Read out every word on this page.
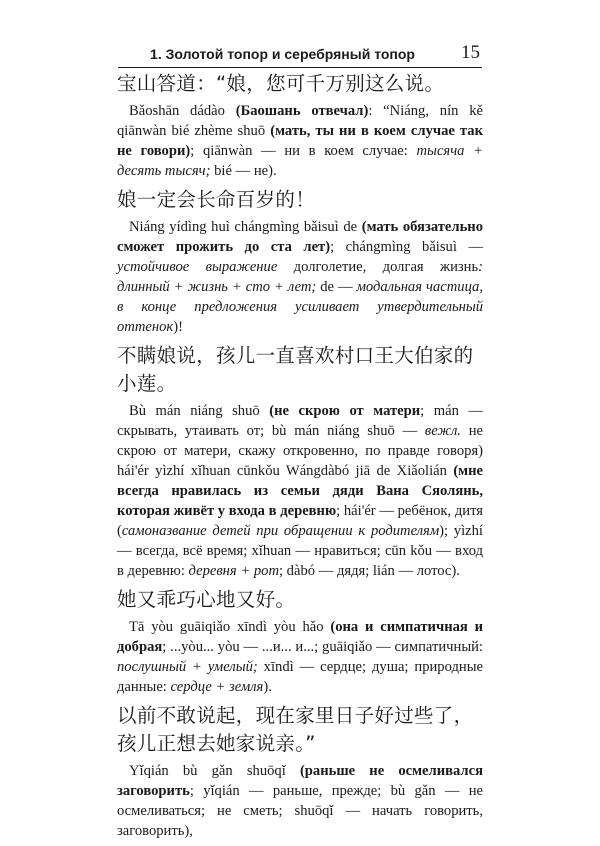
1. Золотой топор и серебряный топор 15

宝山答道：“娘，您可千万别这么说。

Bǎoshān dádào (Баошань отвечал): “Niáng, nín kě qiānwàn bié zhème shuō (мать, ты ни в коем случае так не говори); qiānwàn — ни в коем случае: тысяча + десять тысяч; bié — не).

娘一定会长命百岁的！

Niáng yídìng huì chángmìng bǎisuì de (мать обязательно сможет прожить до ста лет); chángmìng bǎisuì — устойчивое выражение долголетие, долгая жизнь: длинный + жизнь + сто + лет; de — модальная частица, в конце предложения усиливает утвердительный оттенок)!

不瞒娘说，孩儿一直喜欢村口王大伯家的小莲。

Bù mán niáng shuō (не скрою от матери; mán — скрывать, утаивать от; bù mán niáng shuō — вежл. не скрою от матери, скажу откровенно, по правде говоря) hái'ér yìzhí xǐhuan cūnkǒu Wángdàbó jiā de Xiǎolián (мне всегда нравилась из семьи дяди Вана Сяолянь, которая живёт у входа в деревню; hái'ér — ребёнок, дитя (самоназвание детей при обращении к родителям); yìzhí — всегда, всё время; xǐhuan — нравиться; cūn kǒu — вход в деревню: деревня + рот; dàbó — дядя; lián — лотос).

她又乖巧心地又好。

Tā yòu guāiqiǎo xīndì yòu hǎo (она и симпатичная и добрая; ...yòu... yòu — ...и... и...; guāiqiǎo — симпатичный: послушный + умелый; xīndì — сердце; душа; природные данные: сердце + земля).

以前不敢说起，现在家里日子好过些了，孩儿正想去她家说亲。”

Yǐqián bù gǎn shuōqǐ (раньше не осмеливался заговорить; yǐqián — раньше, прежде; bù gǎn — не осмеливаться; не сметь; shuōqǐ — начать говорить, заговорить),
